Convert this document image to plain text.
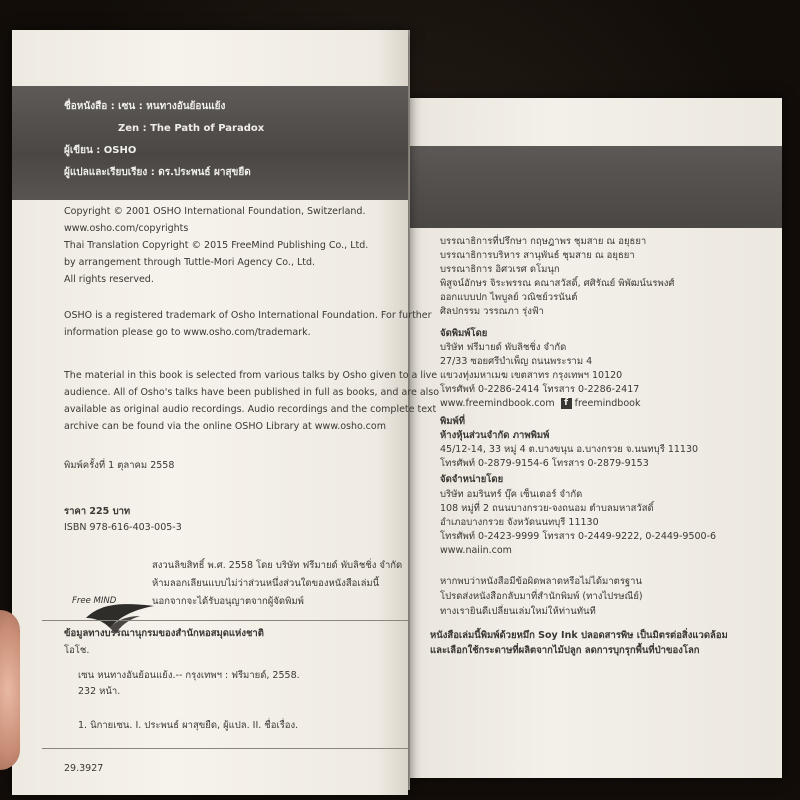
บรรณาธิการที่ปรึกษา กฤษฎาพร ชุมสาย ณ อยุธยา
บรรณาธิการบริหาร สานุพันธ์ ชุมสาย ณ อยุธยา
บรรณาธิการ อิศวเรศ ดโมนุก
พิสูจน์อักษร จิระพรรณ คณาสวัสดิ์, ศศิรัณย์ พิพัฒน์นรพงศ์
ออกแบบปก ไพบูลย์ วณิชย์วรนันต์
ศิลปกรรม วรรณภา รุ่งฟ้า
จัดพิมพ์โดย
บริษัท ฟรีมายด์ พับลิชชิ่ง จำกัด
27/33 ซอยศรีบำเพ็ญ ถนนพระราม 4
แขวงทุ่งมหาเมฆ เขตสาทร กรุงเทพฯ 10120
โทรศัพท์ 0-2286-2414 โทรสาร 0-2286-2417
www.freemindbook.com f freemindbook
พิมพ์ที่
ห้างหุ้นส่วนจำกัด ภาพพิมพ์
45/12-14, 33 หมู่ 4 ต.บางขนุน อ.บางกรวย จ.นนทบุรี 11130
โทรศัพท์ 0-2879-9154-6 โทรสาร 0-2879-9153
จัดจำหน่ายโดย
บริษัท อมรินทร์ บุ๊ค เซ็นเตอร์ จำกัด
108 หมู่ที่ 2 ถนนบางกรวย-จงถนอม ตำบลมหาสวัสดิ์
อำเภอบางกรวย จังหวัดนนทบุรี 11130
โทรศัพท์ 0-2423-9999 โทรสาร 0-2449-9222, 0-2449-9500-6
www.naiin.com
หากพบว่าหนังสือมีข้อผิดพลาดหรือไม่ได้มาตรฐาน
โปรดส่งหนังสือกลับมาที่สำนักพิมพ์ (ทางไปรษณีย์)
ทางเรายินดีเปลี่ยนเล่มใหม่ให้ท่านทันที
หนังสือเล่มนี้พิมพ์ด้วยหมึก Soy Ink ปลอดสารพิษ เป็นมิตรต่อสิ่งแวดล้อม
และเลือกใช้กระดาษที่ผลิตจากไม้ปลูก ลดการบุกรุกพื้นที่ป่าของโลก
ชื่อหนังสือ : เซน : หนทางอันย้อนแย้ง
Zen : The Path of Paradox
ผู้เขียน : OSHO
ผู้แปลและเรียบเรียง : ดร.ประพนธ์ ผาสุขยืด
Copyright © 2001 OSHO International Foundation, Switzerland.
www.osho.com/copyrights
Thai Translation Copyright © 2015 FreeMind Publishing Co., Ltd.
by arrangement through Tuttle-Mori Agency Co., Ltd.
All rights reserved.
OSHO is a registered trademark of Osho International Foundation. For further
information please go to www.osho.com/trademark.
The material in this book is selected from various talks by Osho given to a live
audience. All of Osho's talks have been published in full as books, and are also
available as original audio recordings. Audio recordings and the complete text
archive can be found via the online OSHO Library at www.osho.com
พิมพ์ครั้งที่ 1 ตุลาคม 2558
ราคา 225 บาท
ISBN 978-616-403-005-3
Free MIND
สงวนลิขสิทธิ์ พ.ศ. 2558 โดย บริษัท ฟรีมายด์ พับลิชชิ่ง จำกัด
ห้ามลอกเลียนแบบไม่ว่าส่วนหนึ่งส่วนใดของหนังสือเล่มนี้
นอกจากจะได้รับอนุญาตจากผู้จัดพิมพ์
ข้อมูลทางบรรณานุกรมของสำนักหอสมุดแห่งชาติ
โอโช.
เซน หนทางอันย้อนแย้ง.-- กรุงเทพฯ : ฟรีมายด์, 2558.
232 หน้า.
1. นิกายเซน. I. ประพนธ์ ผาสุขยืด, ผู้แปล. II. ชื่อเรื่อง.
29.3927
